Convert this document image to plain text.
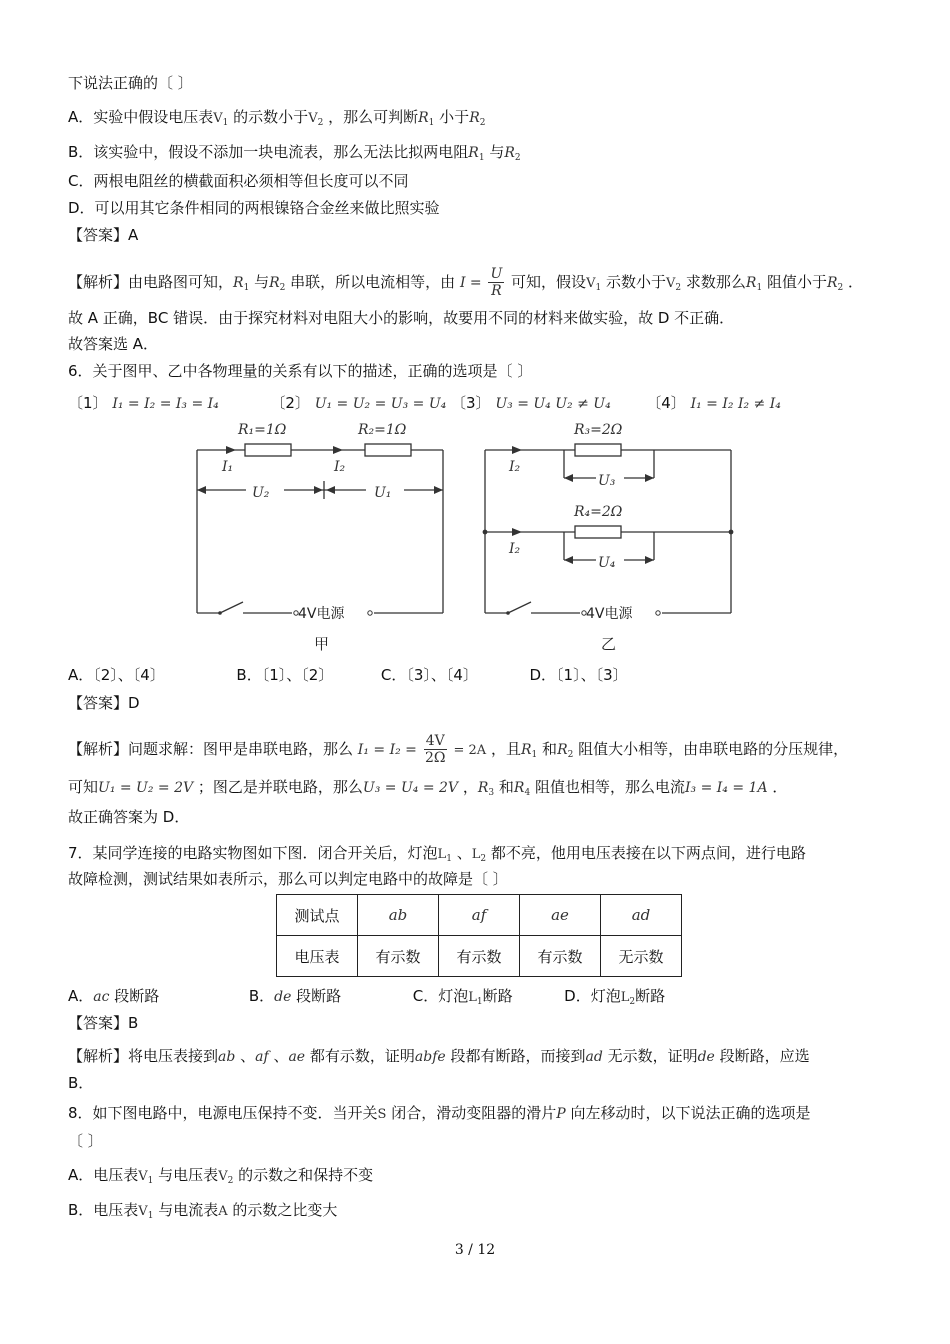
下说法正确的〔 〕
A．实验中假设电压表$V_1$ 的示数小于$V_2$ ，那么可判断$R_1$ 小于$R_2$
B．该实验中，假设不添加一块电流表，那么无法比拟两电阻$R_1$ 与$R_2$
C．两根电阻丝的横截面积必须相等但长度可以不同
D．可以用其它条件相同的两根镍铬合金丝来做比照实验
【答案】A
【解析】由电路图可知，$R_1$ 与$R_2$ 串联，所以电流相等，由 $I = \frac{U}{R}$ 可知，假设$V_1$ 示数小于$V_2$ 求数那么$R_1$ 阻值小于$R_2$ ．
故 A 正确，BC 错误．由于探究材料对电阻大小的影响，故要用不同的材料来做实验，故 D 不正确．
故答案选 A．
6．关于图甲、乙中各物理量的关系有以下的描述，正确的选项是〔 〕
〔1〕 I₁ = I₂ = I₃ = I₄	〔2〕 U₁ = U₂ = U₃ = U₄ 〔3〕 U₃ = U₄ U₂ ≠ U₄ 〔4〕 I₁ = I₂ I₂ ≠ I₄
R₁=1Ω	R₂=1Ω
I₁	I₂
U₂	U₁
4V电源
甲
R₃=2Ω
R₄=2Ω
I₂
I₂
U₃
U₄
4V电源
乙
A．〔2〕、〔4〕	B．〔1〕、〔2〕	C．〔3〕、〔4〕	D．〔1〕、〔3〕
【答案】D
【解析】问题求解：图甲是串联电路，那么 $I_1 = I_2 = \frac{4V}{2\Omega} = 2A$ ，且$R_1$ 和$R_2$ 阻值大小相等，由串联电路的分压规律，
可知U₁ = U₂ = 2V ；图乙是并联电路，那么U₃ = U₄ = 2V ，$R_3$ 和$R_4$ 阻值也相等，那么电流I₃ = I₄ = 1A ．
故正确答案为 D．
7．某同学连接的电路实物图如下图．闭合开关后，灯泡$L_1$ 、$L_2$ 都不亮，他用电压表接在以下两点间，进行电路
故障检测，测试结果如表所示，那么可以判定电路中的故障是〔 〕
测试点	ab	af	ae	ad
电压表	有示数	有示数	有示数	无示数
A．ac 段断路	B．de 段断路	C．灯泡$L_1$断路	D．灯泡$L_2$断路
【答案】B
【解析】将电压表接到ab 、af 、ae 都有示数，证明abfe 段都有断路，而接到ad 无示数，证明de 段断路，应选
B．
8．如下图电路中，电源电压保持不变．当开关S 闭合，滑动变阻器的滑片P 向左移动时，以下说法正确的选项是
〔 〕
A．电压表$V_1$ 与电压表$V_2$ 的示数之和保持不变
B．电压表$V_1$ 与电流表A 的示数之比变大
3 / 12
